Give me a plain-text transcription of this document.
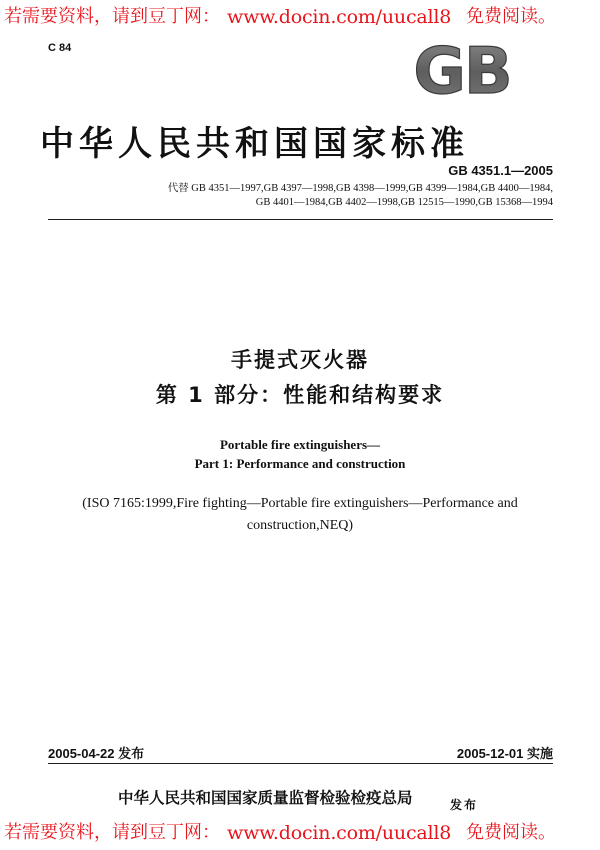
若需要资料，请到豆丁网： www.docin.com/uucall8 免费阅读。
C 84	GB
中华人民共和国国家标准
GB 4351.1—2005
代替 GB 4351—1997,GB 4397—1998,GB 4398—1999,GB 4399—1984,GB 4400—1984,
GB 4401—1984,GB 4402—1998,GB 12515—1990,GB 15368—1994
手提式灭火器
第 1 部分：性能和结构要求
Portable fire extinguishers—
Part 1: Performance and construction
(ISO 7165:1999,Fire fighting—Portable fire extinguishers—Performance and
construction,NEQ)
2005-04-22 发布	2005-12-01 实施
中华人民共和国国家质量监督检验检疫总局	发布
若需要资料，请到豆丁网： www.docin.com/uucall8 免费阅读。
